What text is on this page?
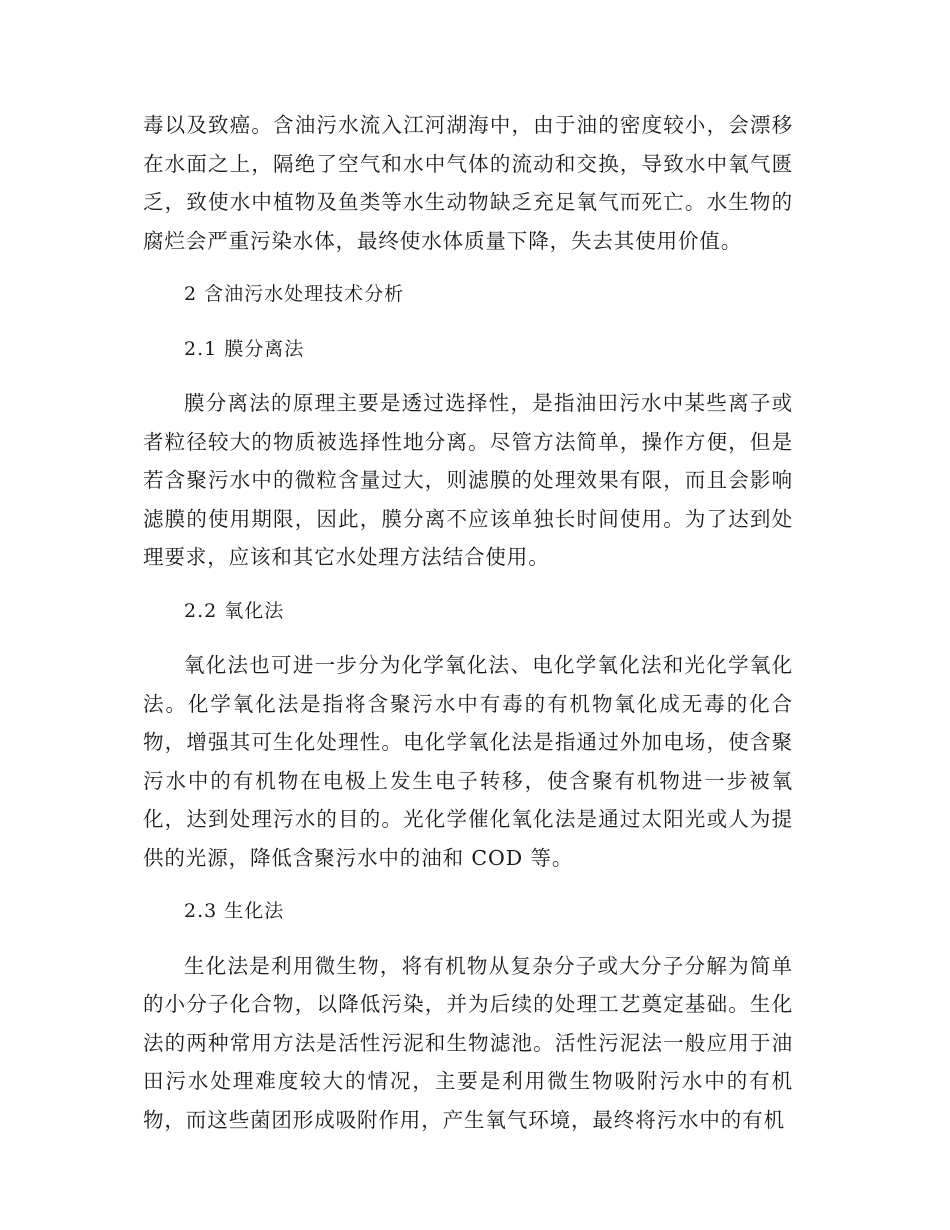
毒以及致癌。含油污水流入江河湖海中，由于油的密度较小，会漂移在水面之上，隔绝了空气和水中气体的流动和交换，导致水中氧气匮乏，致使水中植物及鱼类等水生动物缺乏充足氧气而死亡。水生物的腐烂会严重污染水体，最终使水体质量下降，失去其使用价值。

2 含油污水处理技术分析

2.1 膜分离法

膜分离法的原理主要是透过选择性，是指油田污水中某些离子或者粒径较大的物质被选择性地分离。尽管方法简单，操作方便，但是若含聚污水中的微粒含量过大，则滤膜的处理效果有限，而且会影响滤膜的使用期限，因此，膜分离不应该单独长时间使用。为了达到处理要求，应该和其它水处理方法结合使用。

2.2 氧化法

氧化法也可进一步分为化学氧化法、电化学氧化法和光化学氧化法。化学氧化法是指将含聚污水中有毒的有机物氧化成无毒的化合物，增强其可生化处理性。电化学氧化法是指通过外加电场，使含聚污水中的有机物在电极上发生电子转移，使含聚有机物进一步被氧化，达到处理污水的目的。光化学催化氧化法是通过太阳光或人为提供的光源，降低含聚污水中的油和 COD 等。

2.3 生化法

生化法是利用微生物，将有机物从复杂分子或大分子分解为简单的小分子化合物，以降低污染，并为后续的处理工艺奠定基础。生化法的两种常用方法是活性污泥和生物滤池。活性污泥法一般应用于油田污水处理难度较大的情况，主要是利用微生物吸附污水中的有机物，而这些菌团形成吸附作用，产生氧气环境，最终将污水中的有机
